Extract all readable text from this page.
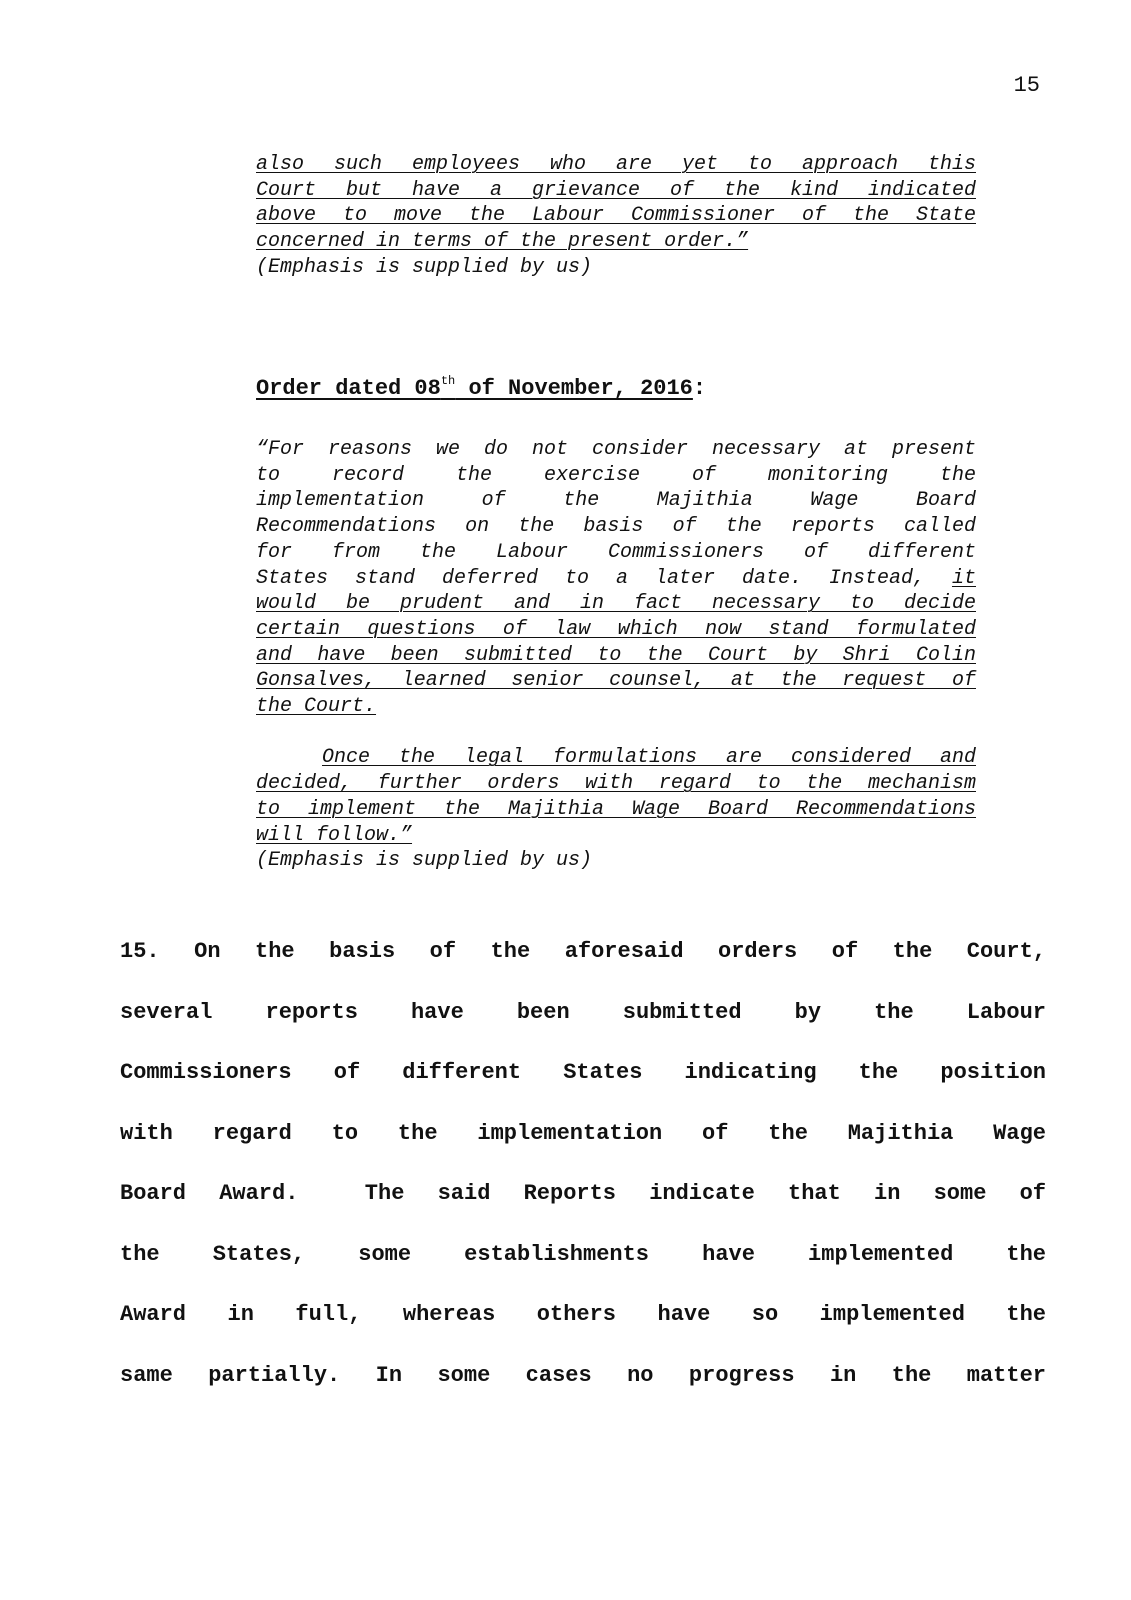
15
also such employees who are yet to approach this
Court but have a grievance of the kind indicated
above to move the Labour Commissioner of the State
concerned in terms of the present order.”
(Emphasis is supplied by us)
Order dated 08th of November, 2016:
“For reasons we do not consider necessary at present
to record the exercise of monitoring the
implementation of the Majithia Wage Board
Recommendations on the basis of the reports called
for from the Labour Commissioners of different
States stand deferred to a later date. Instead, it
would be prudent and in fact necessary to decide
certain questions of law which now stand formulated
and have been submitted to the Court by Shri Colin
Gonsalves, learned senior counsel, at the request of
the Court.
Once the legal formulations are considered and
decided, further orders with regard to the mechanism
to implement the Majithia Wage Board Recommendations
will follow.”
(Emphasis is supplied by us)
15. On the basis of the aforesaid orders of the Court,
several reports have been submitted by the Labour
Commissioners of different States indicating the position
with regard to the implementation of the Majithia Wage
Board Award.  The said Reports indicate that in some of
the States, some establishments have implemented the
Award in full, whereas others have so implemented the
same partially. In some cases no progress in the matter
